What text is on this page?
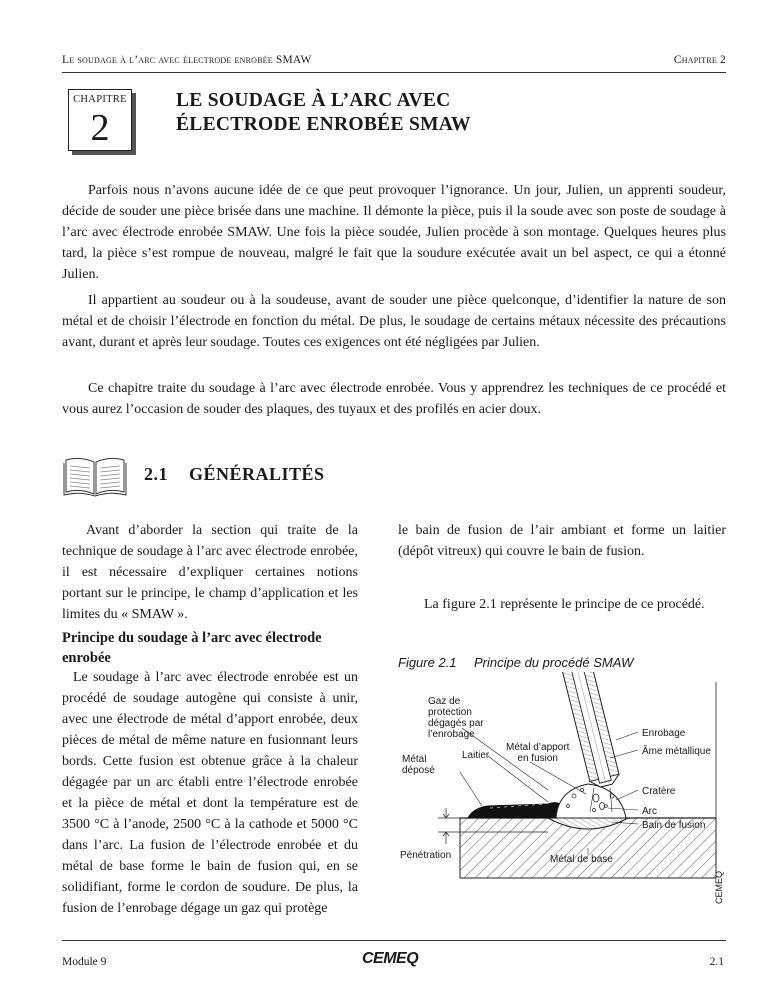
Le soudage à l’arc avec électrode enrobée SMAW	Chapitre 2
CHAPITRE
2
LE SOUDAGE À L’ARC AVEC
ÉLECTRODE ENROBÉE SMAW

Parfois nous n’avons aucune idée de ce que peut provoquer l’ignorance. Un jour, Julien, un apprenti soudeur, décide de souder une pièce brisée dans une machine. Il démonte la pièce, puis il la soude avec son poste de soudage à l’arc avec électrode enrobée SMAW. Une fois la pièce soudée, Julien procède à son montage. Quelques heures plus tard, la pièce s’est rompue de nouveau, malgré le fait que la soudure exécutée avait un bel aspect, ce qui a étonné Julien.

Il appartient au soudeur ou à la soudeuse, avant de souder une pièce quelconque, d’identifier la nature de son métal et de choisir l’électrode en fonction du métal. De plus, le soudage de certains métaux nécessite des précautions avant, durant et après leur soudage. Toutes ces exigences ont été négligées par Julien.

Ce chapitre traite du soudage à l’arc avec électrode enrobée. Vous y apprendrez les techniques de ce procédé et vous aurez l’occasion de souder des plaques, des tuyaux et des profilés en acier doux.

2.1 GÉNÉRALITÉS

Avant d’aborder la section qui traite de la technique de soudage à l’arc avec électrode enrobée, il est nécessaire d’expliquer certaines notions portant sur le principe, le champ d’application et les limites du « SMAW ».

Principe du soudage à l’arc avec électrode enrobée

Le soudage à l’arc avec électrode enrobée est un procédé de soudage autogène qui consiste à unir, avec une électrode de métal d’apport enrobée, deux pièces de métal de même nature en fusionnant leurs bords. Cette fusion est obtenue grâce à la chaleur dégagée par un arc établi entre l’électrode enrobée et la pièce de métal et dont la température est de 3500 °C à l’anode, 2500 °C à la cathode et 5000 °C dans l’arc. La fusion de l’électrode enrobée et du métal de base forme le bain de fusion qui, en se solidifiant, forme le cordon de soudure. De plus, la fusion de l’enrobage dégage un gaz qui protège

le bain de fusion de l’air ambiant et forme un laitier (dépôt vitreux) qui couvre le bain de fusion.

La figure 2.1 représente le principe de ce procédé.

Figure 2.1 Principe du procédé SMAW
Gaz de
protection
dégagés par
l’enrobage	Enrobage
Âme métallique
Métal d’apport
en fusion
Laitier
Métal
déposé
Cratère
Arc
Bain de fusion
Pénétration	Métal de base
CEMEQ
Module 9	CEMEQ	2.1
